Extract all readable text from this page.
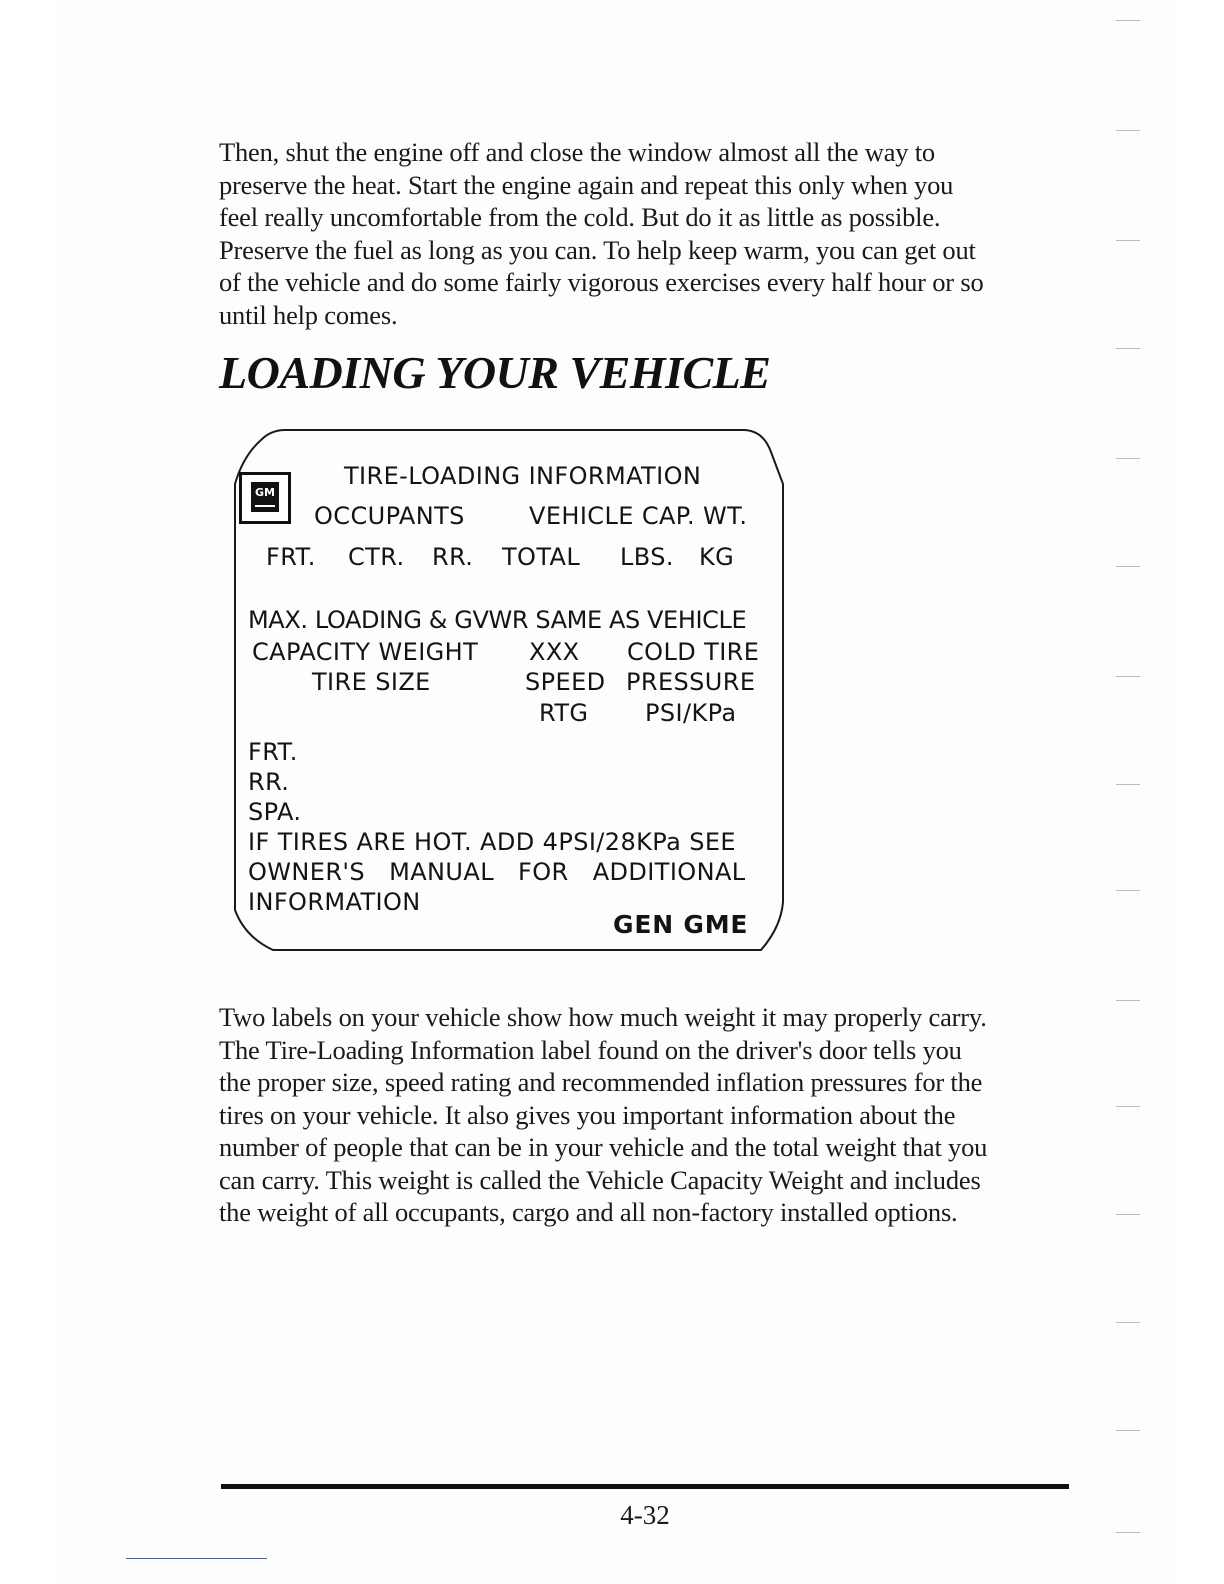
Then, shut the engine off and close the window almost all the way to
preserve the heat. Start the engine again and repeat this only when you
feel really uncomfortable from the cold. But do it as little as possible.
Preserve the fuel as long as you can. To help keep warm, you can get out
of the vehicle and do some fairly vigorous exercises every half hour or so
until help comes.

LOADING YOUR VEHICLE
GM
TIRE-LOADING INFORMATION
OCCUPANTS	VEHICLE CAP. WT.
FRT. CTR. RR. TOTAL LBS. KG
MAX. LOADING & GVWR SAME AS VEHICLE
CAPACITY WEIGHT XXX COLD TIRE
TIRE SIZE	SPEED PRESSURE
RTG PSI/KPa
FRT.
RR.
SPA.
IF TIRES ARE HOT. ADD 4PSI/28KPa SEE
OWNER'S   MANUAL   FOR   ADDITIONAL
INFORMATION
GEN GME

Two labels on your vehicle show how much weight it may properly carry.
The Tire-Loading Information label found on the driver's door tells you
the proper size, speed rating and recommended inflation pressures for the
tires on your vehicle. It also gives you important information about the
number of people that can be in your vehicle and the total weight that you
can carry. This weight is called the Vehicle Capacity Weight and includes
the weight of all occupants, cargo and all non-factory installed options.

4-32
